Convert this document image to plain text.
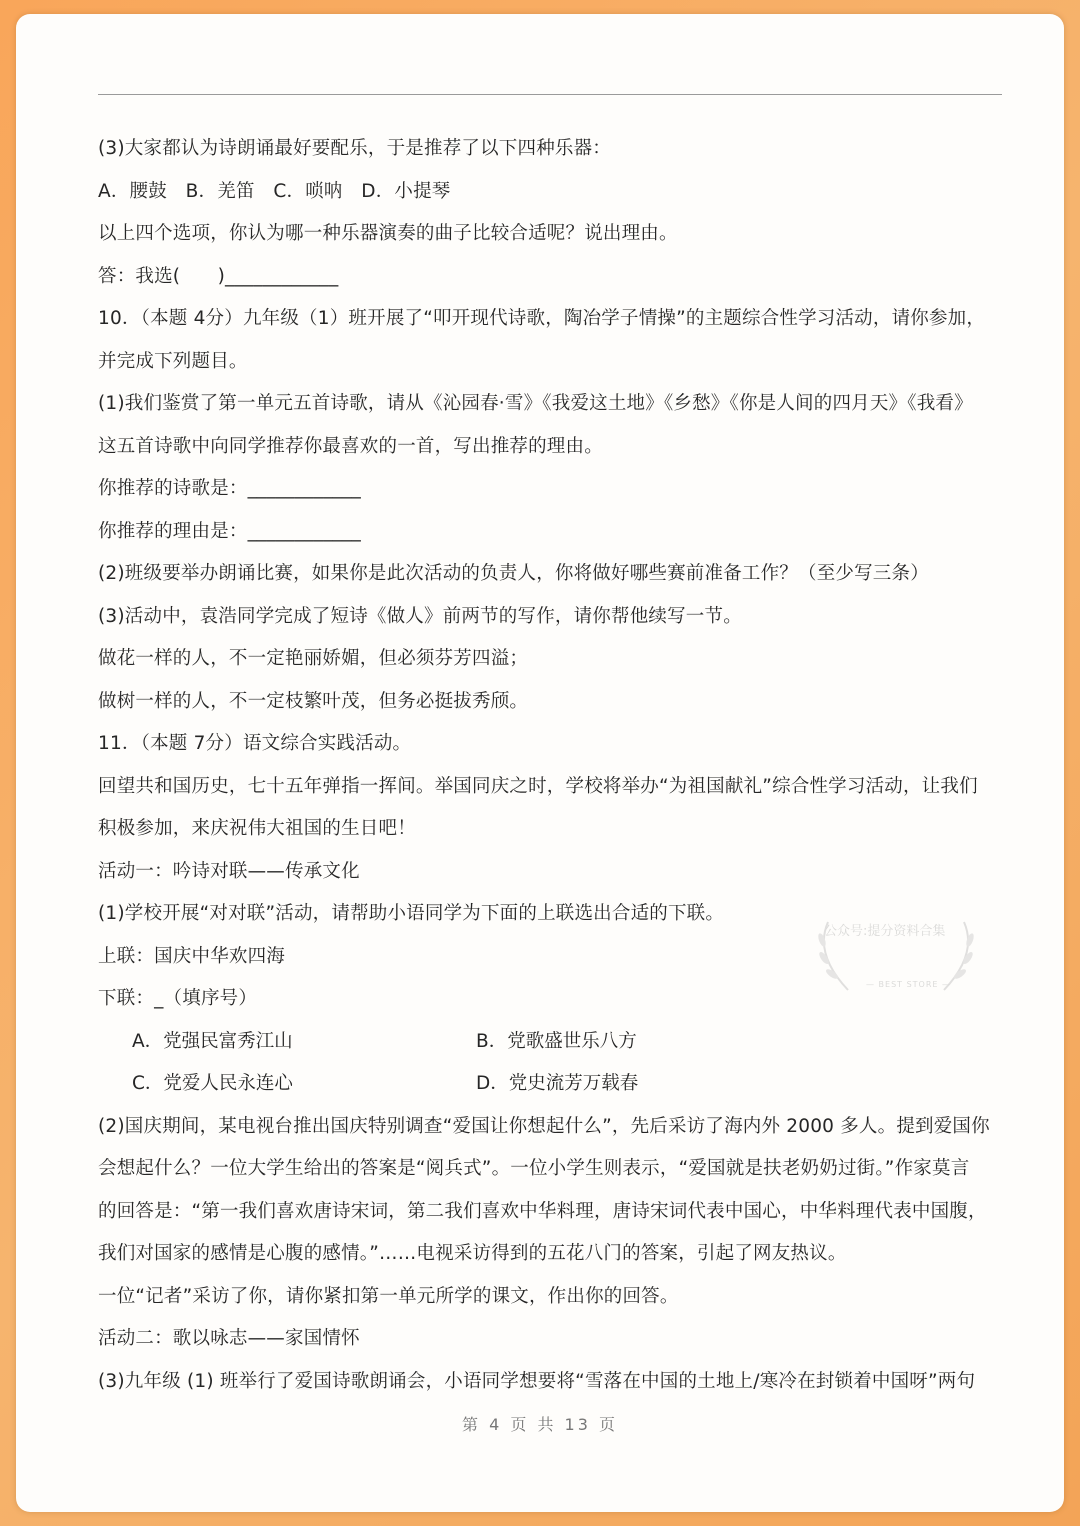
(3)大家都认为诗朗诵最好要配乐，于是推荐了以下四种乐器：
A．腰鼓　B．羌笛　C．唢呐　D．小提琴
以上四个选项，你认为哪一种乐器演奏的曲子比较合适呢？说出理由。
答：我选(　　)____________
10．（本题 4分）九年级（1）班开展了“叩开现代诗歌，陶冶学子情操”的主题综合性学习活动，请你参加，
并完成下列题目。
(1)我们鉴赏了第一单元五首诗歌，请从《沁园春·雪》《我爱这土地》《乡愁》《你是人间的四月天》《我看》
这五首诗歌中向同学推荐你最喜欢的一首，写出推荐的理由。
你推荐的诗歌是：____________
你推荐的理由是：____________
(2)班级要举办朗诵比赛，如果你是此次活动的负责人，你将做好哪些赛前准备工作？（至少写三条）
(3)活动中，袁浩同学完成了短诗《做人》前两节的写作，请你帮他续写一节。
做花一样的人，不一定艳丽娇媚，但必须芬芳四溢；
做树一样的人，不一定枝繁叶茂，但务必挺拔秀颀。
11．（本题 7分）语文综合实践活动。
回望共和国历史，七十五年弹指一挥间。举国同庆之时，学校将举办“为祖国献礼”综合性学习活动，让我们
积极参加，来庆祝伟大祖国的生日吧！
活动一：吟诗对联——传承文化
(1)学校开展“对对联”活动，请帮助小语同学为下面的上联选出合适的下联。
上联：国庆中华欢四海
下联：_（填序号）
A．党强民富秀江山	B．党歌盛世乐八方
C．党爱人民永连心	D．党史流芳万载春
(2)国庆期间，某电视台推出国庆特别调查“爱国让你想起什么”，先后采访了海内外 2000 多人。提到爱国你
会想起什么？一位大学生给出的答案是“阅兵式”。一位小学生则表示，“爱国就是扶老奶奶过街。”作家莫言
的回答是：“第一我们喜欢唐诗宋词，第二我们喜欢中华料理，唐诗宋词代表中国心，中华料理代表中国腹，
我们对国家的感情是心腹的感情。”……电视采访得到的五花八门的答案，引起了网友热议。
一位“记者”采访了你，请你紧扣第一单元所学的课文，作出你的回答。
活动二：歌以咏志——家国情怀
(3)九年级 (1) 班举行了爱国诗歌朗诵会，小语同学想要将“雪落在中国的土地上/寒冷在封锁着中国呀”两句
公众号:提分资料合集
— BEST STORE —
第 4 页 共 13 页
